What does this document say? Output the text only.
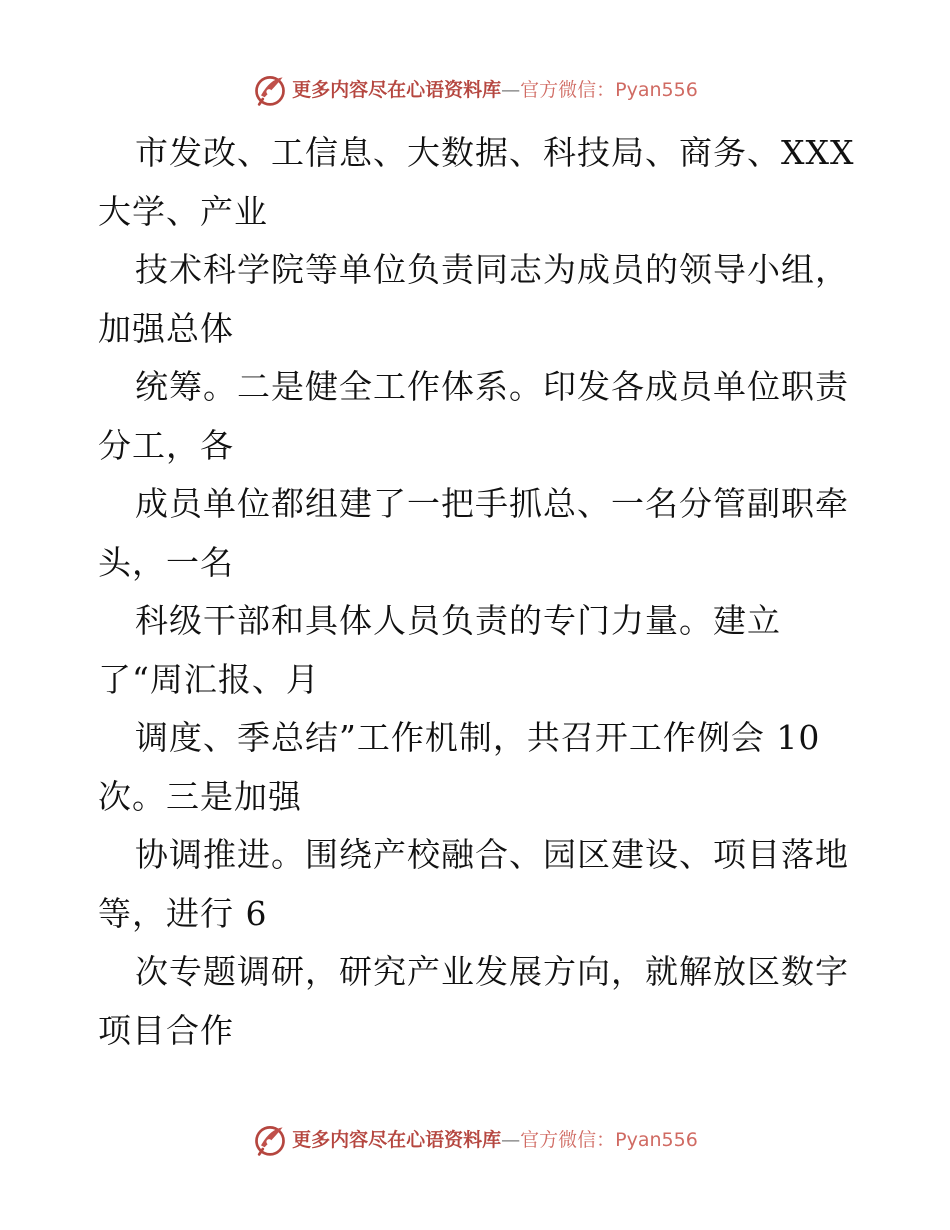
更多内容尽在心语资料库—官方微信：Pyan556

市发改、工信息、大数据、科技局、商务、XXX

大学、产业

技术科学院等单位负责同志为成员的领导小组，

加强总体

统筹。二是健全工作体系。印发各成员单位职责

分工，各

成员单位都组建了一把手抓总、一名分管副职牵

头，一名

科级干部和具体人员负责的专门力量。建立

了“周汇报、月

调度、季总结”工作机制，共召开工作例会 10

次。三是加强

协调推进。围绕产校融合、园区建设、项目落地

等，进行 6

次专题调研，研究产业发展方向，就解放区数字

项目合作

更多内容尽在心语资料库—官方微信：Pyan556
